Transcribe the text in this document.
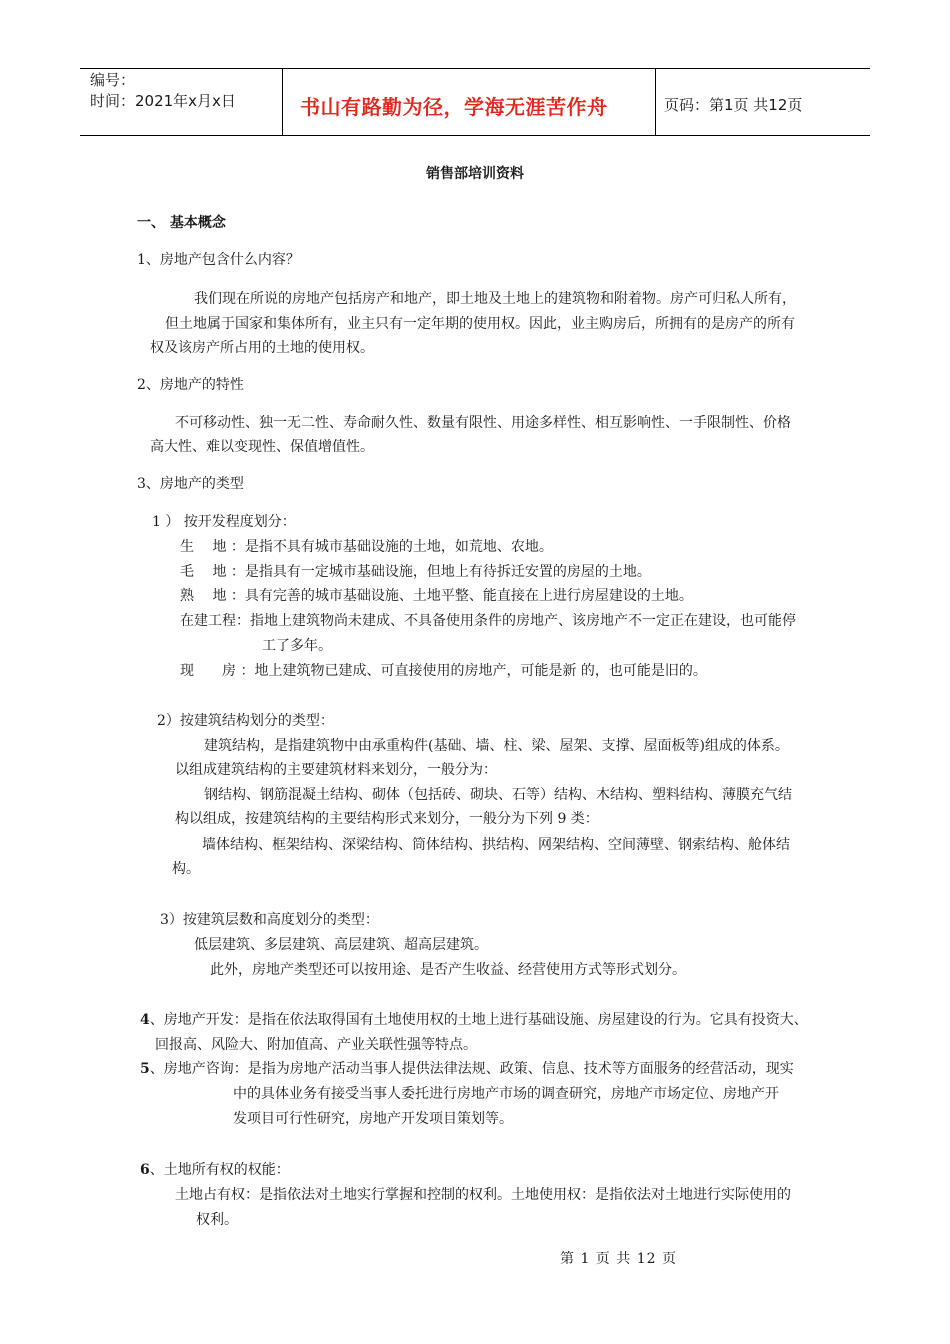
编号：
时间：2021年x月x日	书山有路勤为径，学海无涯苦作舟	页码：第1页 共12页
销售部培训资料
一、 基本概念
1、房地产包含什么内容？
我们现在所说的房地产包括房产和地产，即土地及土地上的建筑物和附着物。房产可归私人所有，
但土地属于国家和集体所有，业主只有一定年期的使用权。因此，业主购房后，所拥有的是房产的所有
权及该房产所占用的土地的使用权。
2、房地产的特性
不可移动性、独一无二性、寿命耐久性、数量有限性、用途多样性、相互影响性、一手限制性、价格
高大性、难以变现性、保值增值性。
3、房地产的类型
1 ） 按开发程度划分：
生　 地 ：是指不具有城市基础设施的土地，如荒地、农地。
毛　 地 ：是指具有一定城市基础设施，但地上有待拆迁安置的房屋的土地。
熟　 地 ：具有完善的城市基础设施、土地平整、能直接在上进行房屋建设的土地。
在建工程：指地上建筑物尚未建成、不具备使用条件的房地产、该房地产不一定正在建设，也可能停
工了多年。
现　　房 ：地上建筑物已建成、可直接使用的房地产，可能是新 的，也可能是旧的。
2）按建筑结构划分的类型：
建筑结构，是指建筑物中由承重构件(基础、墙、柱、梁、屋架、支撑、屋面板等)组成的体系。
以组成建筑结构的主要建筑材料来划分，一般分为：
钢结构、钢筋混凝土结构、砌体（包括砖、砌块、石等）结构、木结构、塑料结构、薄膜充气结
构以组成，按建筑结构的主要结构形式来划分，一般分为下列 9 类：
墙体结构、框架结构、深梁结构、筒体结构、拱结构、网架结构、空间薄壁、钢索结构、舱体结
构。
3）按建筑层数和高度划分的类型：
低层建筑、多层建筑、高层建筑、超高层建筑。
此外，房地产类型还可以按用途、是否产生收益、经营使用方式等形式划分。
4、房地产开发：是指在依法取得国有土地使用权的土地上进行基础设施、房屋建设的行为。它具有投资大、
回报高、风险大、附加值高、产业关联性强等特点。
5、房地产咨询：是指为房地产活动当事人提供法律法规、政策、信息、技术等方面服务的经营活动，现实
中的具体业务有接受当事人委托进行房地产市场的调查研究，房地产市场定位、房地产开
发项目可行性研究，房地产开发项目策划等。
6、土地所有权的权能：
土地占有权：是指依法对土地实行掌握和控制的权利。土地使用权：是指依法对土地进行实际使用的
权利。
第 1 页 共 12 页
